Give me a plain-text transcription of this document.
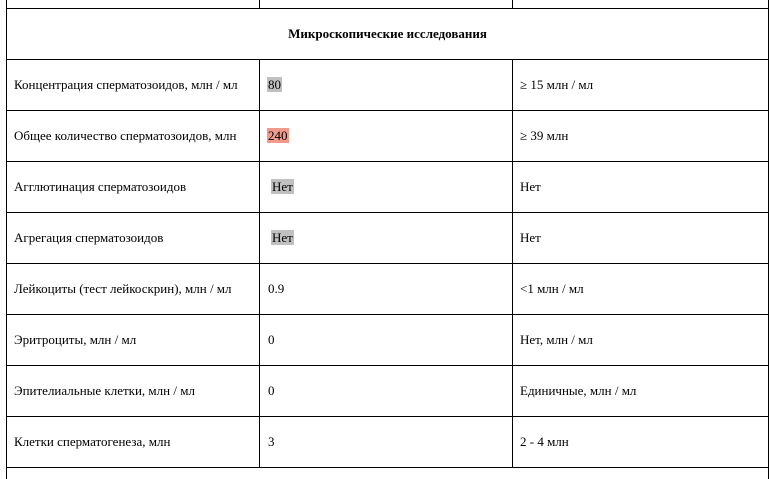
Микроскопические исследования		
Концентрация сперматозоидов, млн / мл	80	≥ 15 млн / мл
Общее количество сперматозоидов, млн	240	≥ 39 млн
Агглютинация сперматозоидов	Нет	Нет
Агрегация сперматозоидов	Нет	Нет
Лейкоциты (тест лейкоскрин), млн / мл	0.9	<1 млн / мл
Эритроциты, млн / мл	0	Нет, млн / мл
Эпителиальные клетки, млн / мл	0	Единичные, млн / мл
Клетки сперматогенеза, млн	3	2 - 4 млн
